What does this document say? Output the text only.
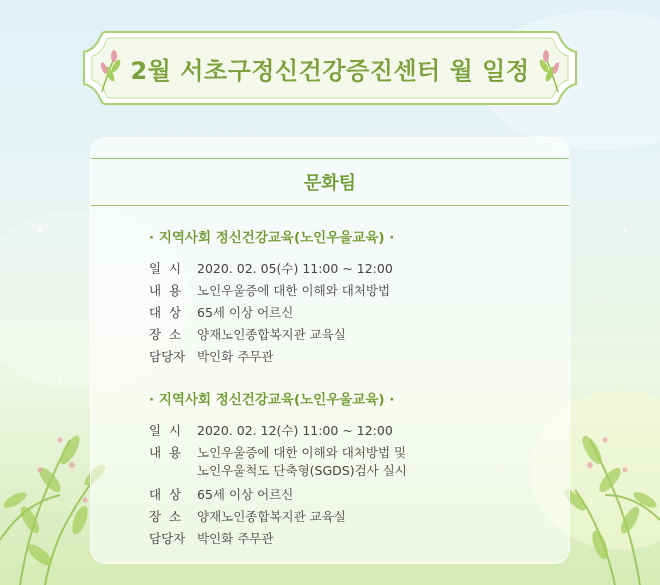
2월 서초구정신건강증진센터 월 일정
문화팀
· 지역사회 정신건강교육(노인우울교육) ·
일  시	2020. 02. 05(수) 11:00 ~ 12:00
내  용	노인우울증에 대한 이해와 대처방법
대  상	65세 이상 어르신
장  소	양재노인종합복지관 교육실
담당자 박인화 주무관
· 지역사회 정신건강교육(노인우울교육) ·
일  시	2020. 02. 12(수) 11:00 ~ 12:00
내  용	노인우울증에 대한 이해와 대처방법 및
노인우울척도 단축형(SGDS)검사 실시
대  상	65세 이상 어르신
장  소	양재노인종합복지관 교육실
담당자 박인화 주무관
